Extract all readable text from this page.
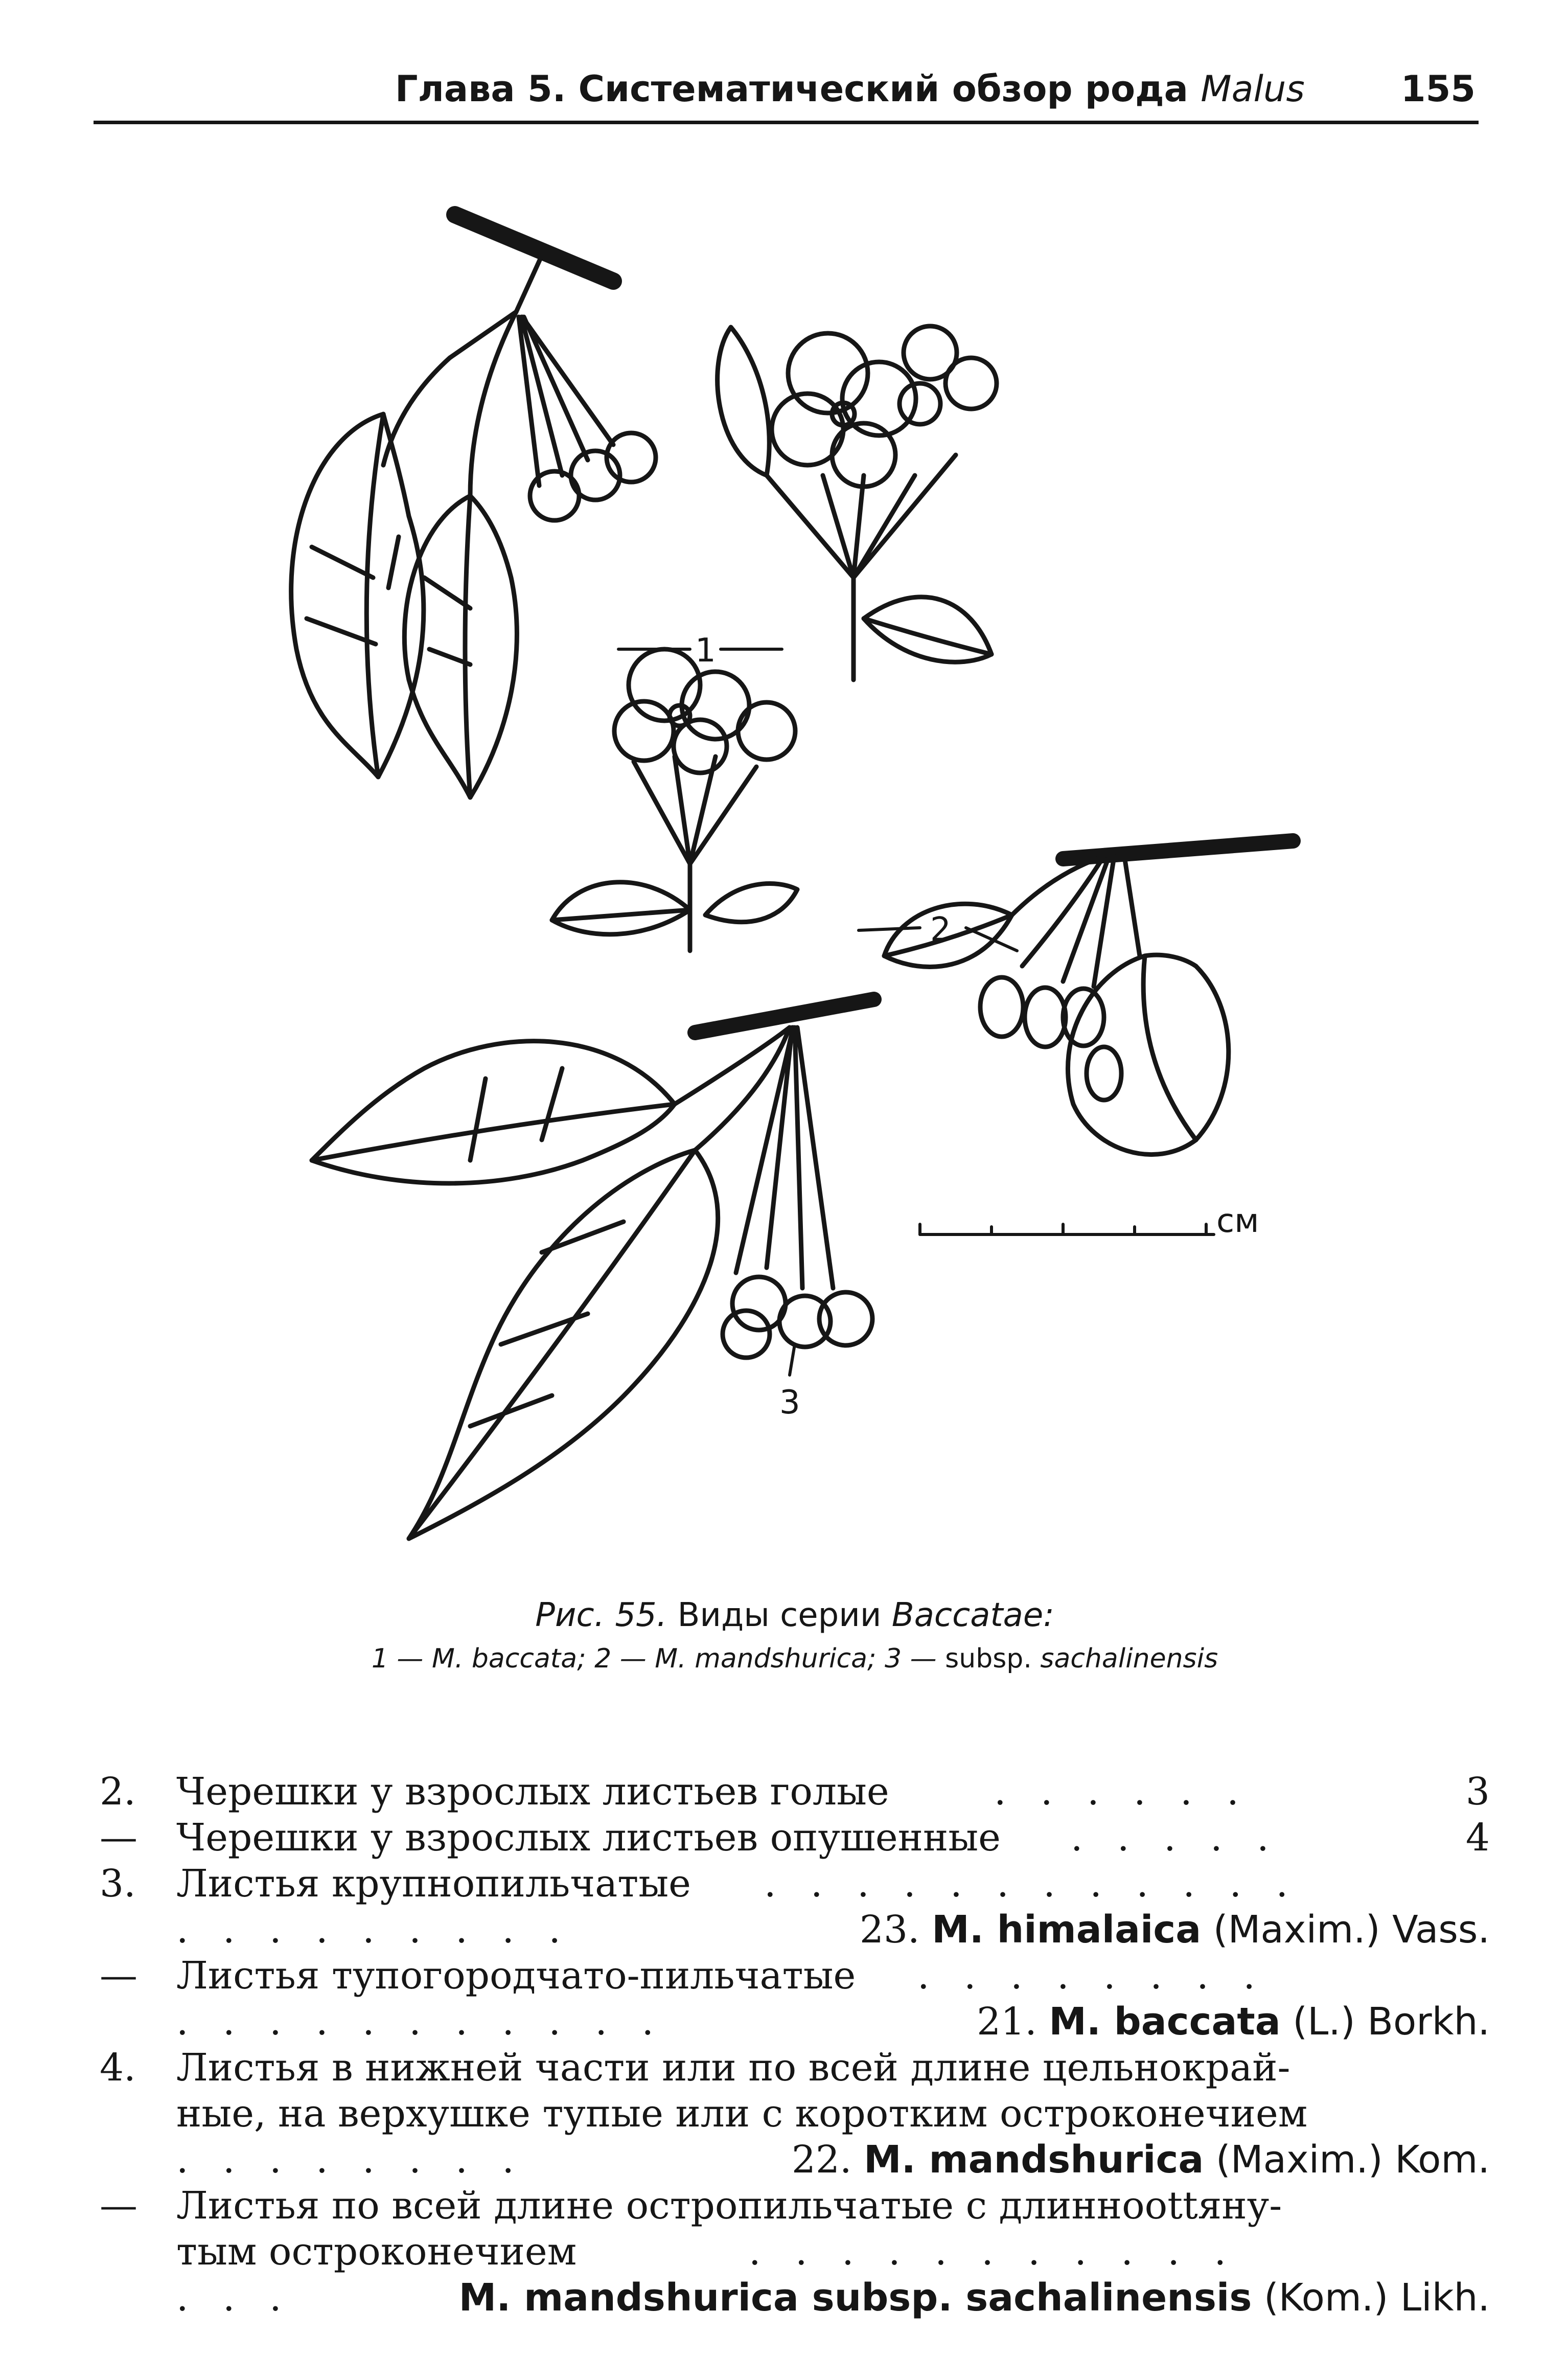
Глава 5. Систематический обзор рода Malus	155
1
2
3
см
Рис. 55. Виды серии Baccatae:
1 — M. baccata; 2 — M. mandshurica; 3 — subsp. sachalinensis
2. Черешки у взрослых листьев голые	. . . . . .	3
— Черешки у взрослых листьев опушенные . . . . .	4
3. Листья крупнопильчатые . . . . . . . . . . . .
. . . . . . . . .	23. M. himalaica (Maxim.) Vass.
— Листья тупогородчато-пильчатые . . . . . . . .
. . . . . . . . . . .	21. M. baccata (L.) Borkh.
4. Листья в нижней части или по всей длине цельнокрай-
ные, на верхушке тупые или с коротким остроконечием
. . . . . . . .	22. M. mandshurica (Maxim.) Kom.
— Листья по всей длине остропильчатые с длинноottяну-
тым остроконечием	. . . . . . . . . . .
. . .	M. mandshurica subsp. sachalinensis (Kom.) Likh.
